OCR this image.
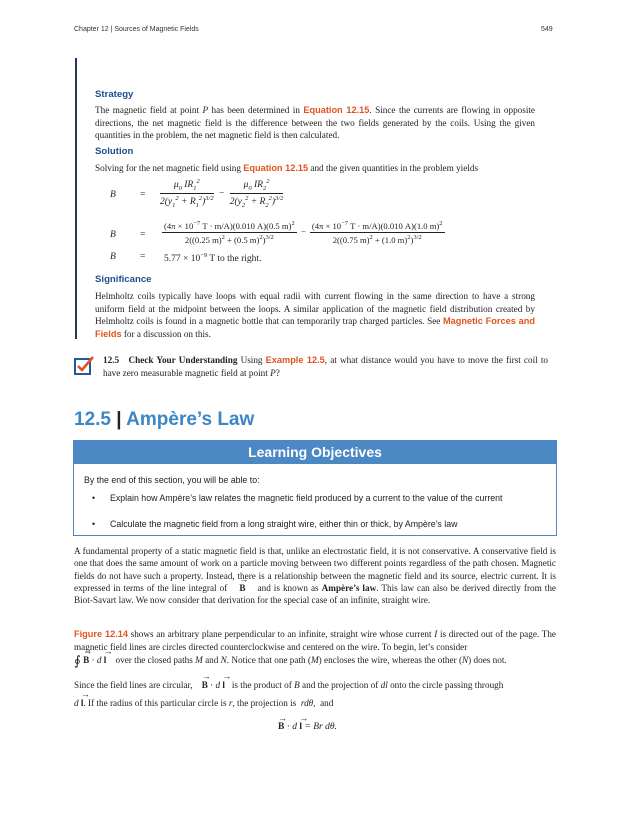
Chapter 12 | Sources of Magnetic Fields	549
Strategy
The magnetic field at point P has been determined in Equation 12.15. Since the currents are flowing in opposite directions, the net magnetic field is the difference between the two fields generated by the coils. Using the given quantities in the problem, the net magnetic field is then calculated.
Solution
Solving for the net magnetic field using Equation 12.15 and the given quantities in the problem yields
B	= $\frac{\mu_0 IR_1^2}{2(y_1^2 + R_1^2)^{3/2}} - \frac{\mu_0 IR_2^2}{2(y_2^2 + R_2^2)^{3/2}}$
B	= $\frac{(4\pi \times 10^{-7} T \cdot m/A)(0.010 A)(0.5 m)^2}{2((0.25 m)^2 + (0.5 m)^2)^{3/2}} - \frac{(4\pi \times 10^{-7} T \cdot m/A)(0.010 A)(1.0 m)^2}{2((0.75 m)^2 + (1.0 m)^2)^{3/2}}$
B	= $5.77 \times 10^{-9}$ T to the right.
Significance
Helmholtz coils typically have loops with equal radii with current flowing in the same direction to have a strong uniform field at the midpoint between the loops. A similar application of the magnetic field distribution created by Helmholtz coils is found in a magnetic bottle that can temporarily trap charged particles. See Magnetic Forces and Fields for a discussion on this.
12.5 Check Your Understanding Using Example 12.5, at what distance would you have to move the first coil to have zero measurable magnetic field at point P?
12.5 | Ampère’s Law
Learning Objectives
By the end of this section, you will be able to:
•	Explain how Ampère’s law relates the magnetic field produced by a current to the value of the current
•	Calculate the magnetic field from a long straight wire, either thin or thick, by Ampère’s law
A fundamental property of a static magnetic field is that, unlike an electrostatic field, it is not conservative. A conservative field is one that does the same amount of work on a particle moving between two different points regardless of the path chosen. Magnetic fields do not have such a property. Instead, there is a relationship between the magnetic field and its source, electric current. It is expressed in terms of the line integral of → B and is known as Ampère’s law. This law can also be derived directly from the Biot-Savart law. We now consider that derivation for the special case of an infinite, straight wire.
Figure 12.14 shows an arbitrary plane perpendicular to an infinite, straight wire whose current I is directed out of the page. The magnetic field lines are circles directed counterclockwise and centered on the wire. To begin, let’s consider
∮ → B · d → l over the closed paths M and N. Notice that one path (M) encloses the wire, whereas the other (N) does not.
Since the field lines are circular, → B · d → l is the product of B and the projection of dl onto the circle passing through
d → l. If the radius of this particular circle is r, the projection is rdθ, and
→ B · d → l = Br dθ.
